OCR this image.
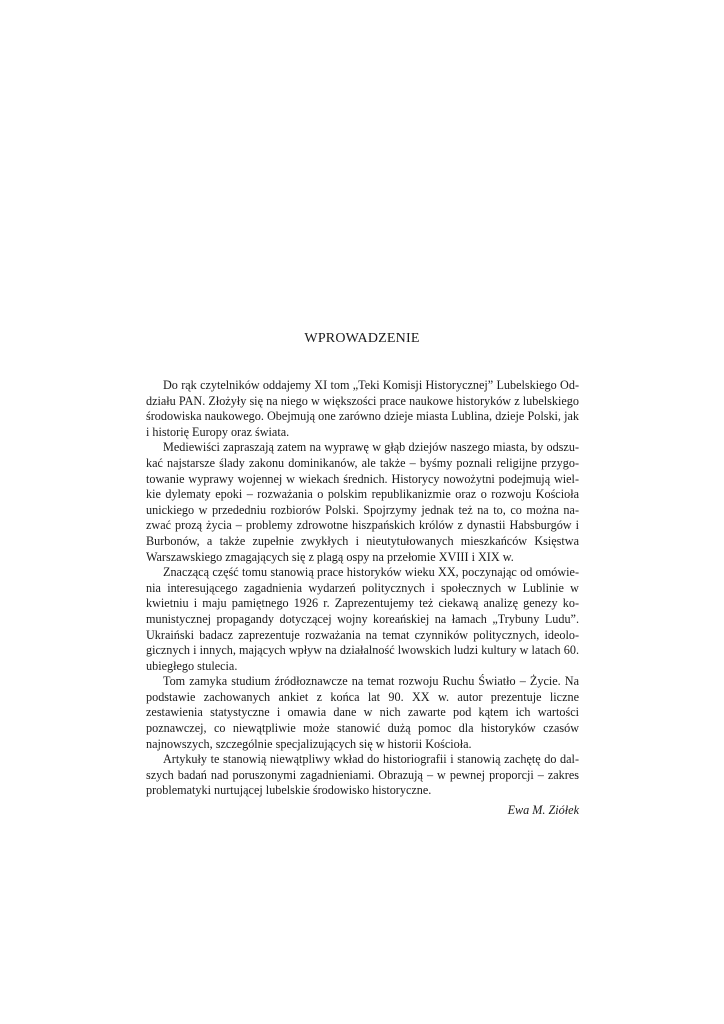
WPROWADZENIE

Do rąk czytelników oddajemy XI tom „Teki Komisji Historycznej” Lubelskiego Oddziału PAN. Złożyły się na niego w większości prace naukowe historyków z lubelskiego środowiska naukowego. Obejmują one zarówno dzieje miasta Lublina, dzieje Polski, jak i historię Europy oraz świata.

Mediewiści zapraszają zatem na wyprawę w głąb dziejów naszego miasta, by odszukać najstarsze ślady zakonu dominikanów, ale także – byśmy poznali religijne przygotowanie wyprawy wojennej w wiekach średnich. Historycy nowożytni podejmują wielkie dylematy epoki – rozważania o polskim republikanizmie oraz o rozwoju Kościoła unickiego w przededniu rozbiorów Polski. Spojrzymy jednak też na to, co można nazwać prozą życia – problemy zdrowotne hiszpańskich królów z dynastii Habsburgów i Burbonów, a także zupełnie zwykłych i nieutytułowanych mieszkańców Księstwa Warszawskiego zmagających się z plagą ospy na przełomie XVIII i XIX w.

Znaczącą część tomu stanowią prace historyków wieku XX, poczynając od omówienia interesującego zagadnienia wydarzeń politycznych i społecznych w Lublinie w kwietniu i maju pamiętnego 1926 r. Zaprezentujemy też ciekawą analizę genezy komunistycznej propagandy dotyczącej wojny koreańskiej na łamach „Trybuny Ludu”. Ukraiński badacz zaprezentuje rozważania na temat czynników politycznych, ideologicznych i innych, mających wpływ na działalność lwowskich ludzi kultury w latach 60. ubiegłego stulecia.

Tom zamyka studium źródłoznawcze na temat rozwoju Ruchu Światło – Życie. Na podstawie zachowanych ankiet z końca lat 90. XX w. autor prezentuje liczne zestawienia statystyczne i omawia dane w nich zawarte pod kątem ich wartości poznawczej, co niewątpliwie może stanowić dużą pomoc dla historyków czasów najnowszych, szczególnie specjalizujących się w historii Kościoła.

Artykuły te stanowią niewątpliwy wkład do historiografii i stanowią zachętę do dalszych badań nad poruszonymi zagadnieniami. Obrazują – w pewnej proporcji – zakres problematyki nurtującej lubelskie środowisko historyczne.

Ewa M. Ziółek
